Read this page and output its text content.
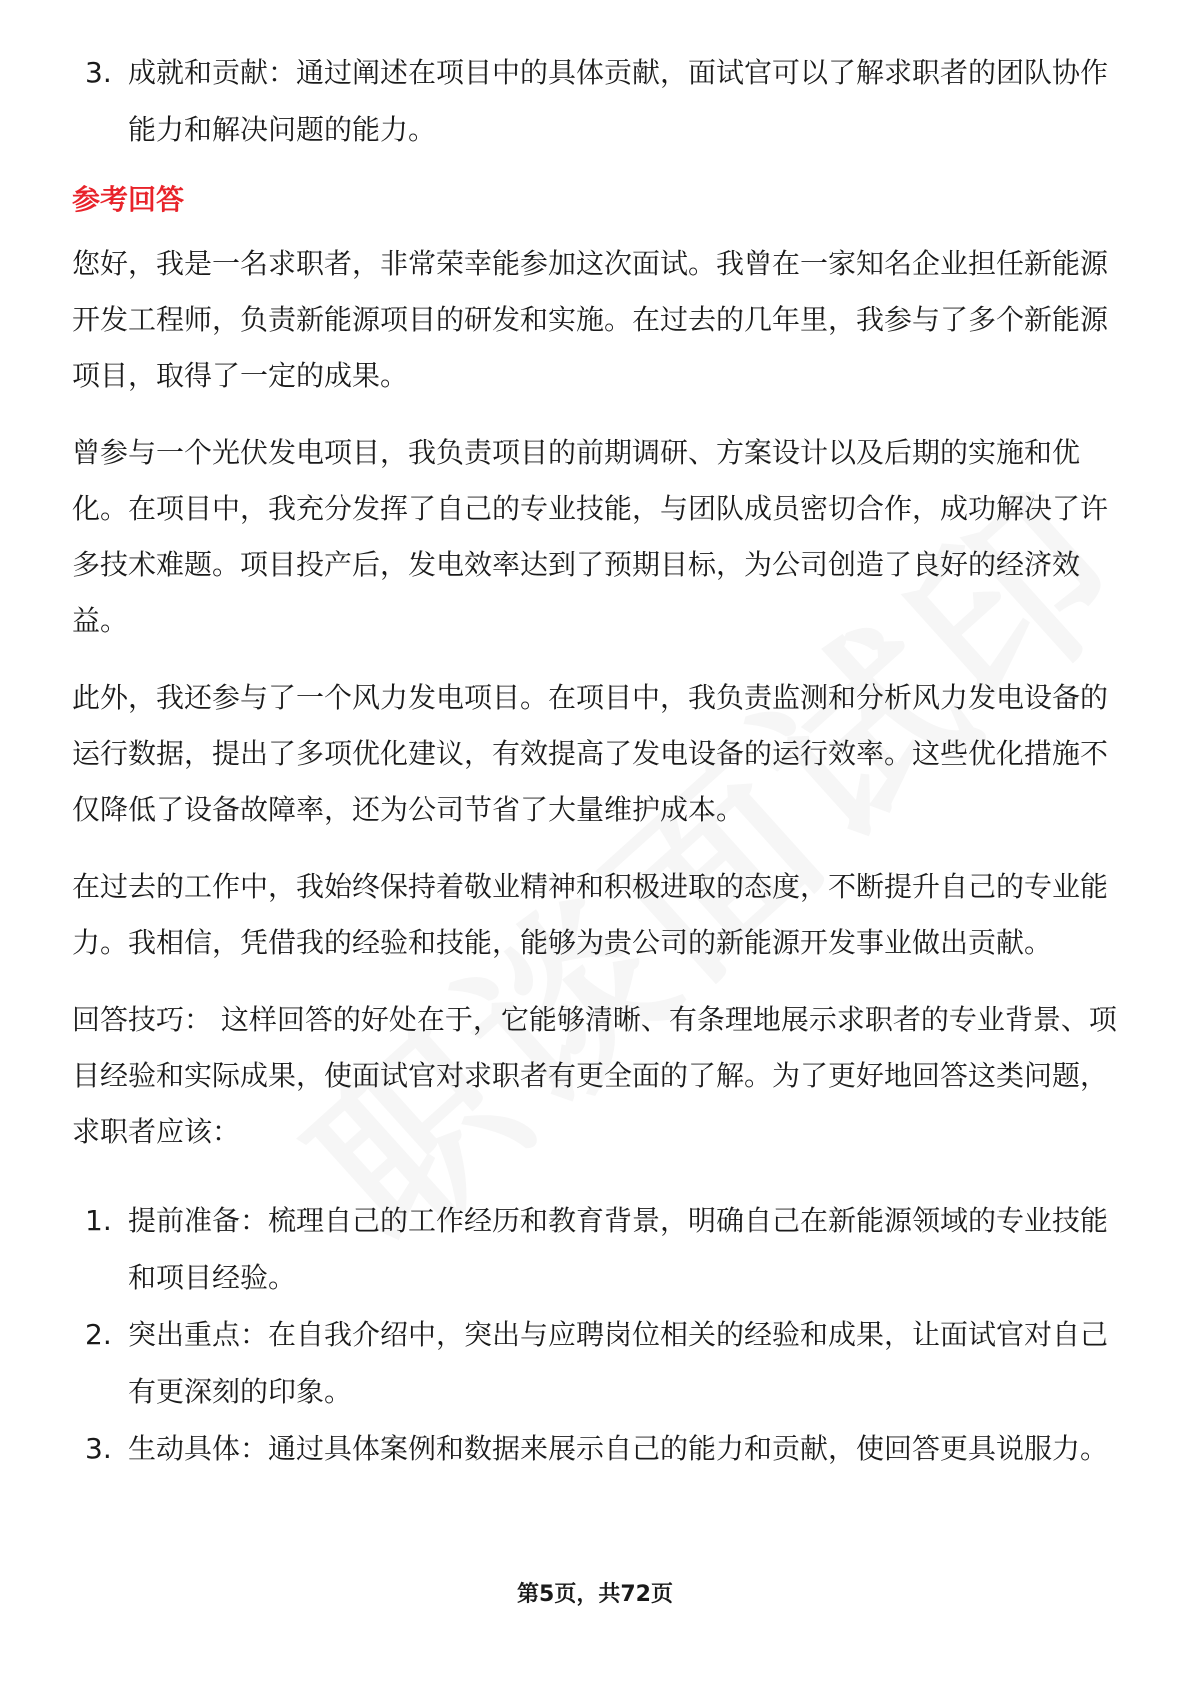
3. 成就和贡献：通过阐述在项目中的具体贡献，面试官可以了解求职者的团队协作能力和解决问题的能力。
参考回答

您好，我是一名求职者，非常荣幸能参加这次面试。我曾在一家知名企业担任新能源开发工程师，负责新能源项目的研发和实施。在过去的几年里，我参与了多个新能源项目，取得了一定的成果。

曾参与一个光伏发电项目，我负责项目的前期调研、方案设计以及后期的实施和优化。在项目中，我充分发挥了自己的专业技能，与团队成员密切合作，成功解决了许多技术难题。项目投产后，发电效率达到了预期目标，为公司创造了良好的经济效益。

此外，我还参与了一个风力发电项目。在项目中，我负责监测和分析风力发电设备的运行数据，提出了多项优化建议，有效提高了发电设备的运行效率。这些优化措施不仅降低了设备故障率，还为公司节省了大量维护成本。

在过去的工作中，我始终保持着敬业精神和积极进取的态度，不断提升自己的专业能力。我相信，凭借我的经验和技能，能够为贵公司的新能源开发事业做出贡献。

回答技巧： 这样回答的好处在于，它能够清晰、有条理地展示求职者的专业背景、项目经验和实际成果，使面试官对求职者有更全面的了解。为了更好地回答这类问题，求职者应该：

1. 提前准备：梳理自己的工作经历和教育背景，明确自己在新能源领域的专业技能和项目经验。
2. 突出重点：在自我介绍中，突出与应聘岗位相关的经验和成果，让面试官对自己有更深刻的印象。
3. 生动具体：通过具体案例和数据来展示自己的能力和贡献，使回答更具说服力。
第5页，共72页
